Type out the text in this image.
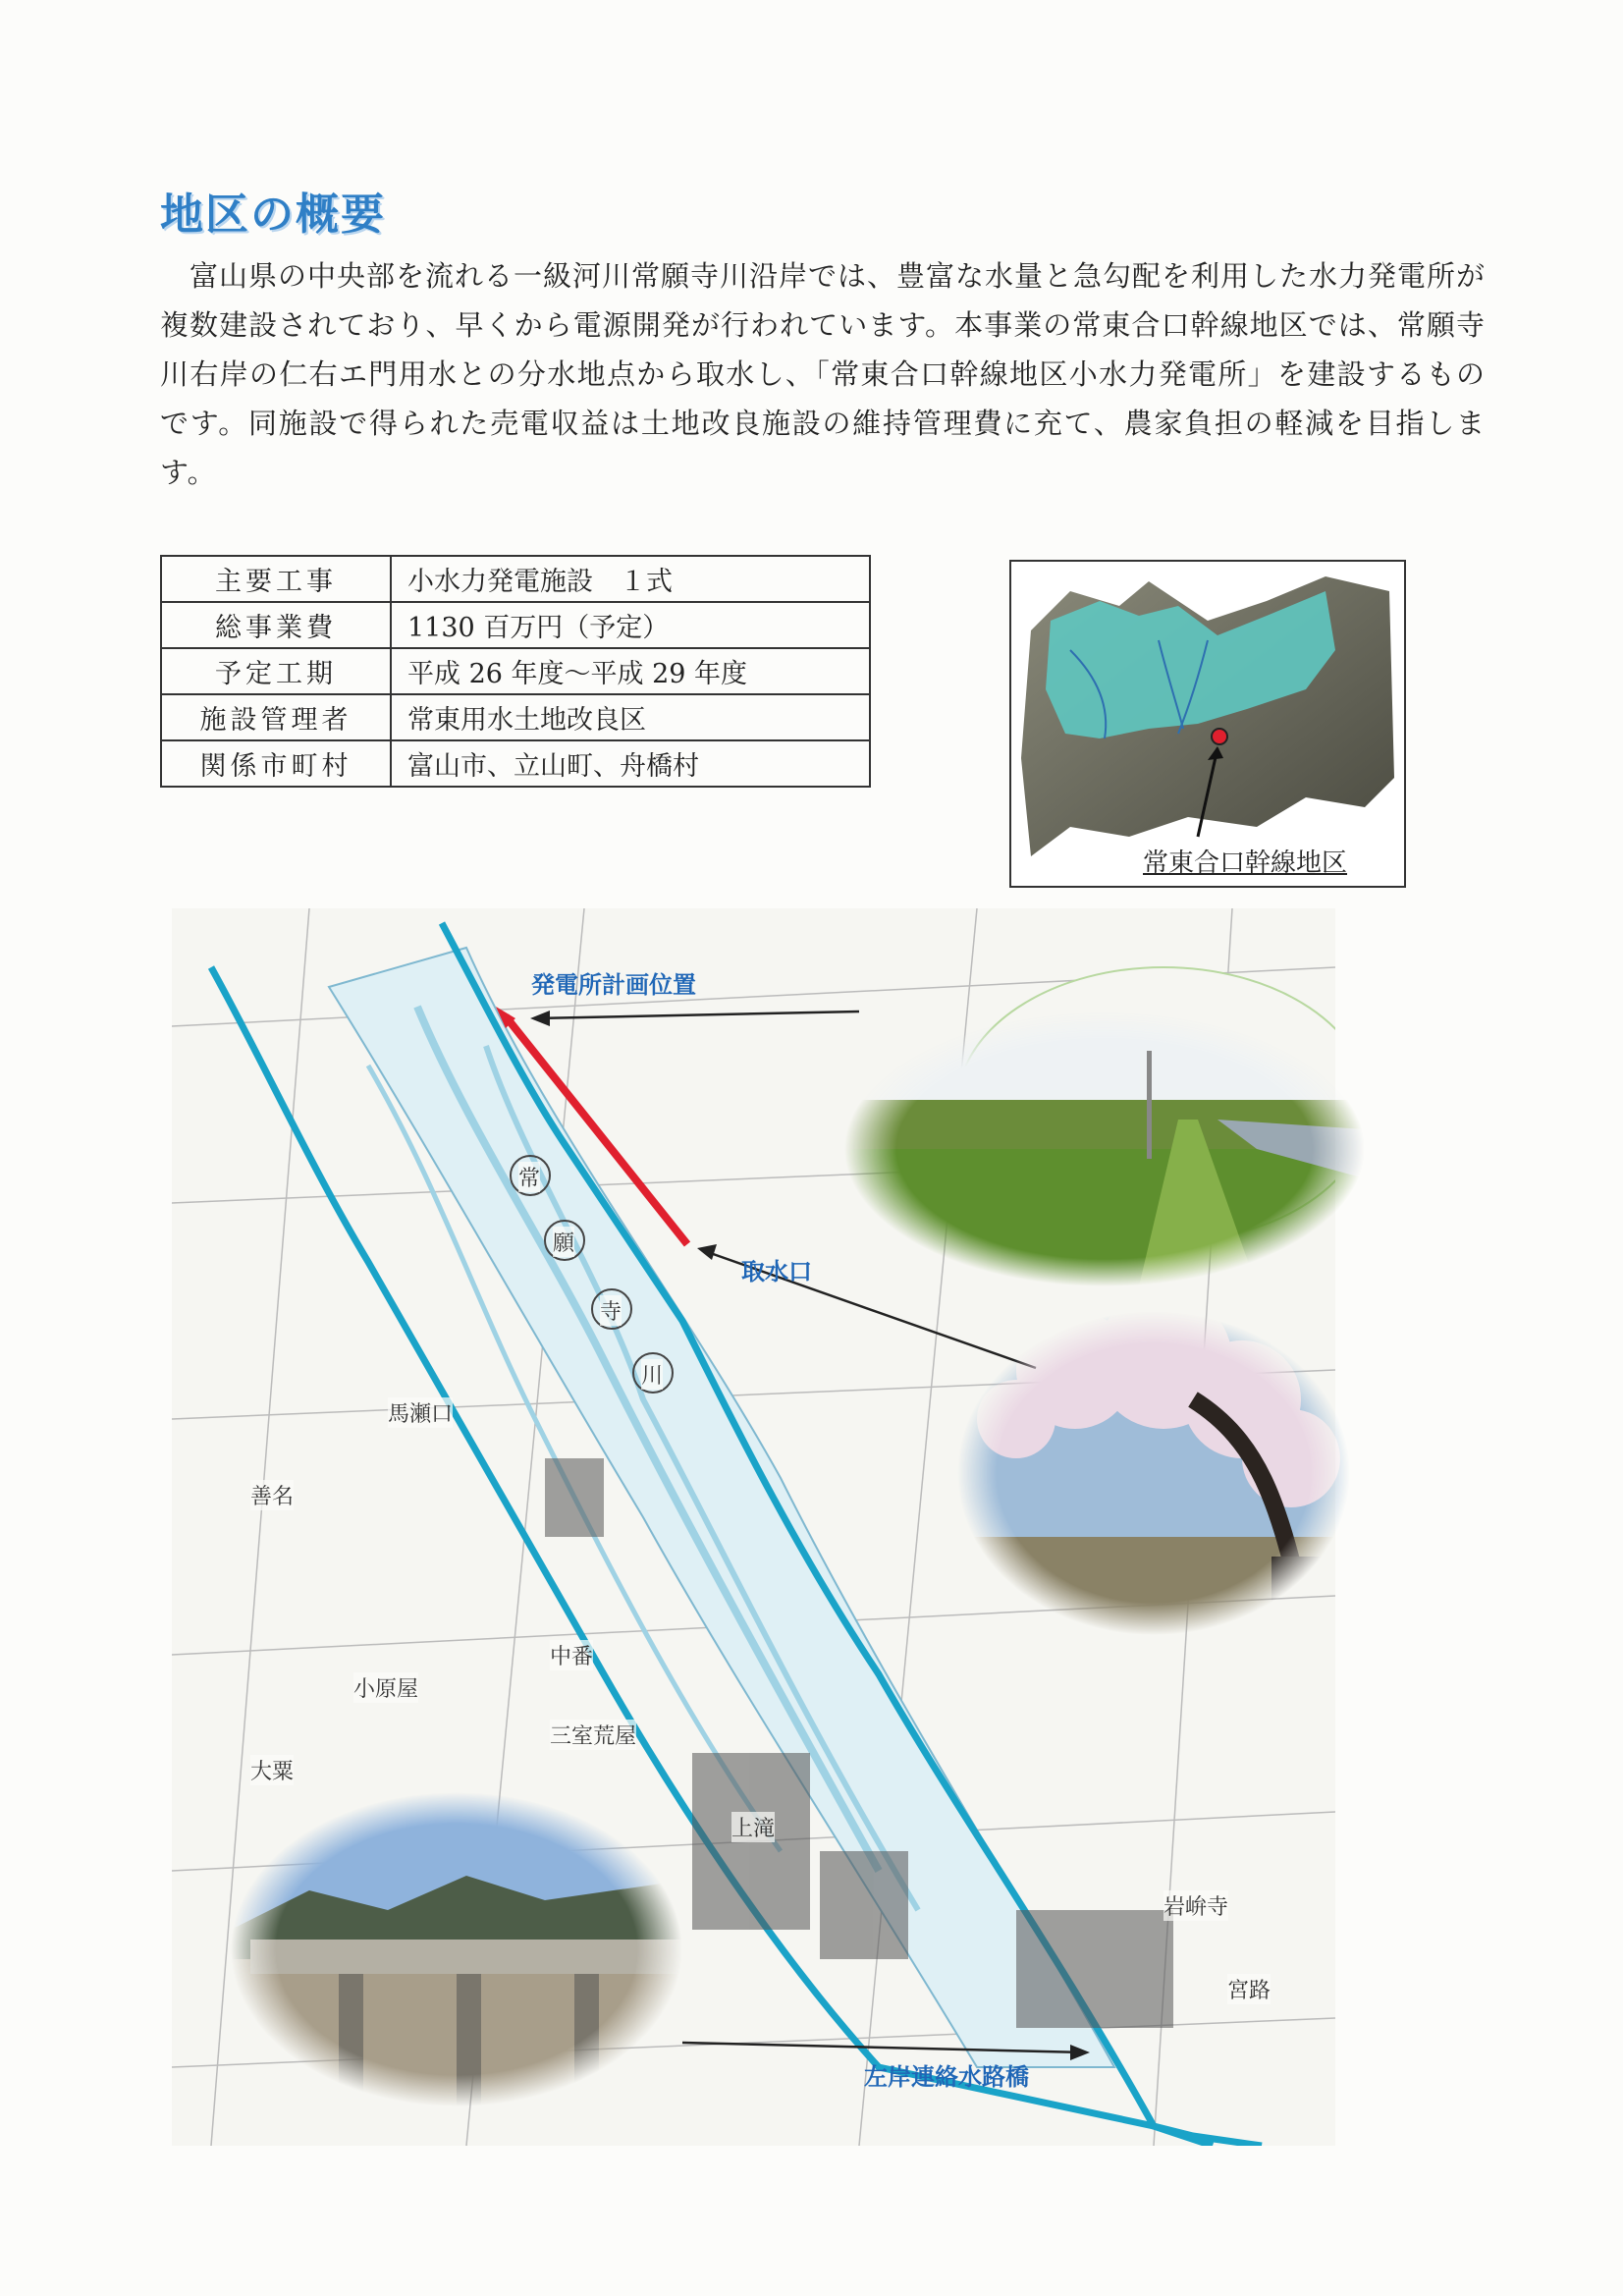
地区の概要

富山県の中央部を流れる一級河川常願寺川沿岸では、豊富な水量と急勾配を利用した水力発電所が複数建設されており、早くから電源開発が行われています。本事業の常東合口幹線地区では、常願寺川右岸の仁右エ門用水との分水地点から取水し、「常東合口幹線地区小水力発電所」を建設するものです。同施設で得られた売電収益は土地改良施設の維持管理費に充て、農家負担の軽減を目指します。

主要工事	小水力発電施設　１式
総事業費	1130 百万円（予定）
予定工期	平成 26 年度～平成 29 年度
施設管理者	常東用水土地改良区
関係市町村	富山市、立山町、舟橋村
常東合口幹線地区
発電所計画位置
取水口
左岸連絡水路橋
常
願
寺
川
馬瀬口
中番
小原屋
三室荒屋
大粟
善名
上滝
岩峅寺
宮路
